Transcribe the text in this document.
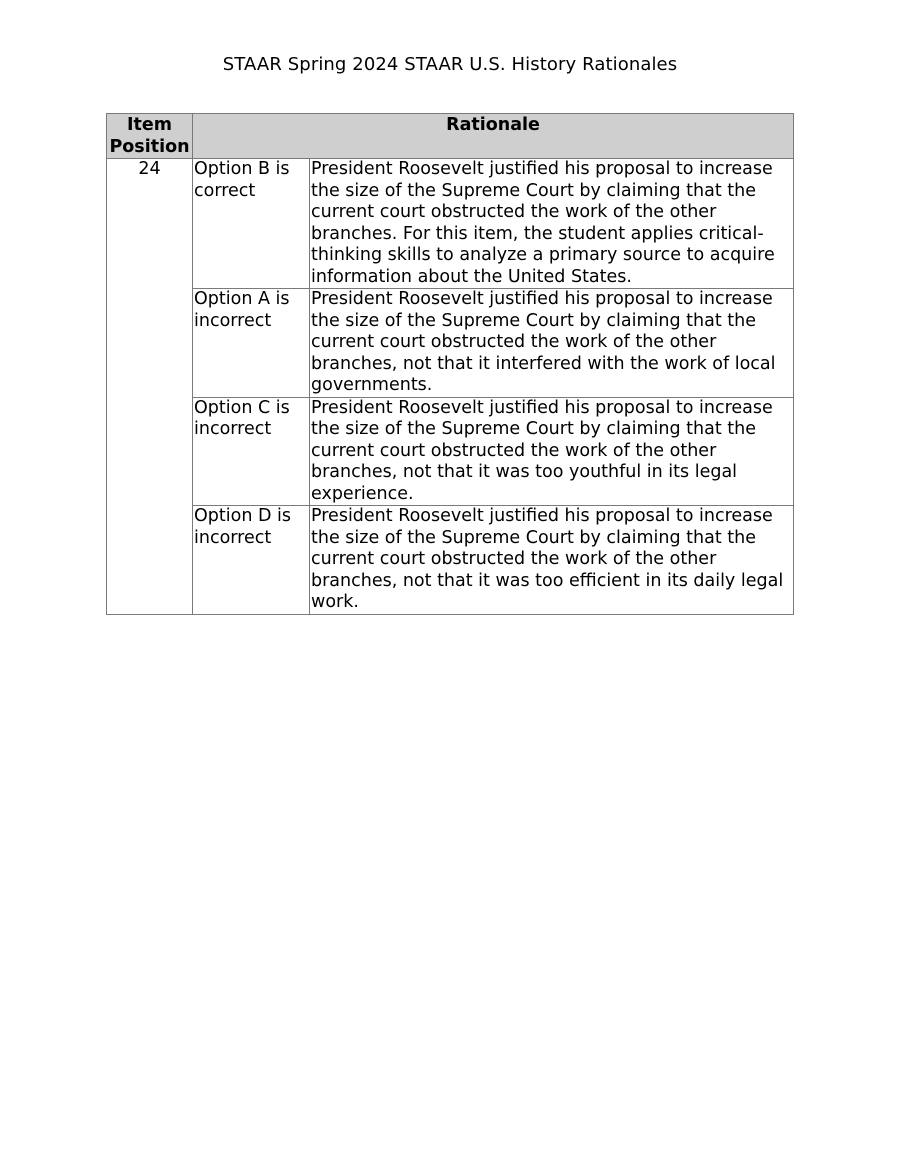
STAAR Spring 2024 STAAR U.S. History Rationales
Item Position	Rationale	
24	Option B is correct	President Roosevelt justified his proposal to increase the size of the Supreme Court by claiming that the current court obstructed the work of the other branches. For this item, the student applies critical-thinking skills to analyze a primary source to acquire information about the United States.
	Option A is incorrect	President Roosevelt justified his proposal to increase the size of the Supreme Court by claiming that the current court obstructed the work of the other branches, not that it interfered with the work of local governments.
	Option C is incorrect	President Roosevelt justified his proposal to increase the size of the Supreme Court by claiming that the current court obstructed the work of the other branches, not that it was too youthful in its legal experience.
	Option D is incorrect	President Roosevelt justified his proposal to increase the size of the Supreme Court by claiming that the current court obstructed the work of the other branches, not that it was too efficient in its daily legal work.
